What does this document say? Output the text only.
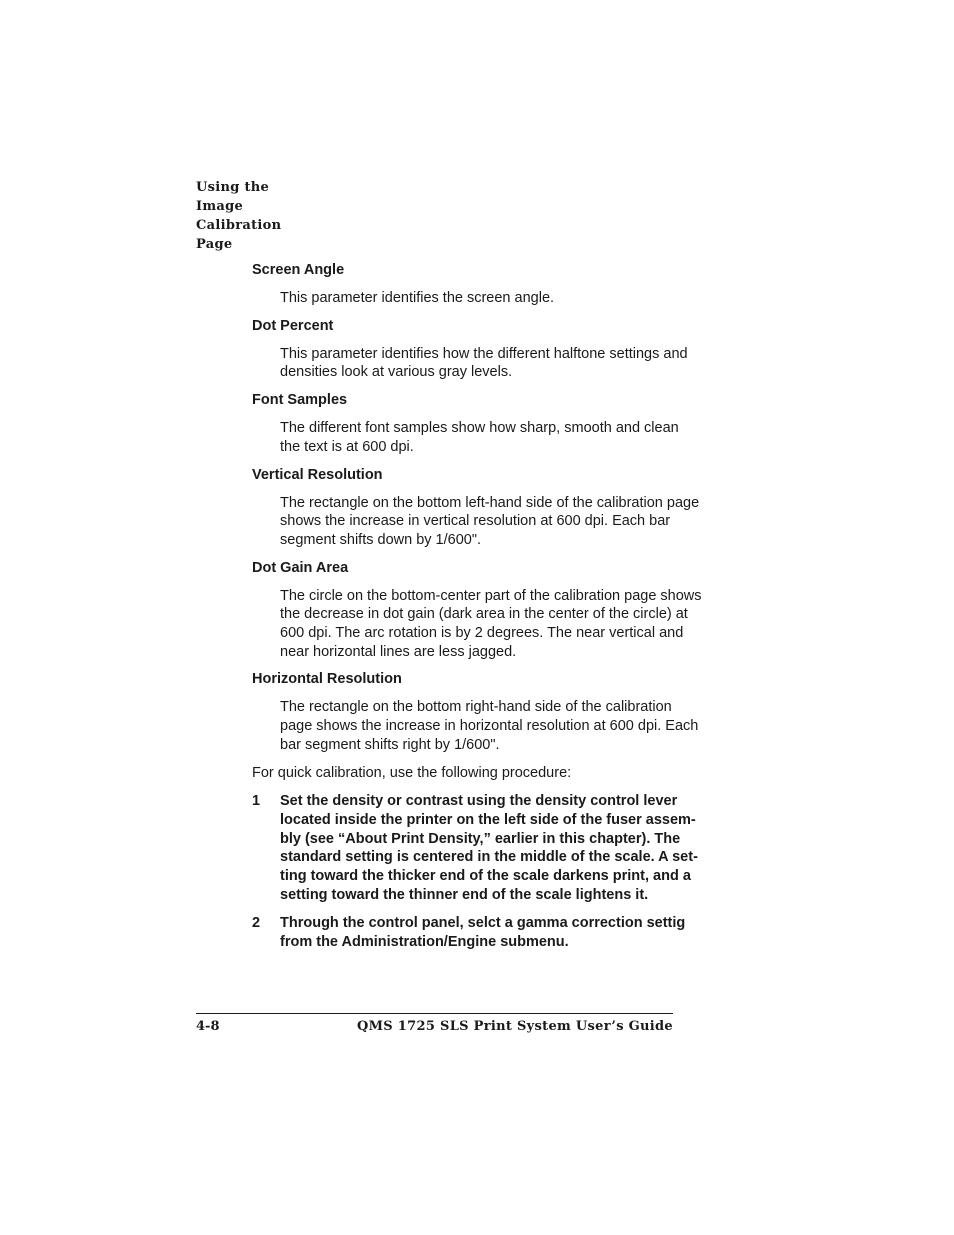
Using the
Image
Calibration
Page

Screen Angle

This parameter identifies the screen angle.

Dot Percent

This parameter identifies how the different halftone settings and
densities look at various gray levels.

Font Samples

The different font samples show how sharp, smooth and clean
the text is at 600 dpi.

Vertical Resolution

The rectangle on the bottom left-hand side of the calibration page
shows the increase in vertical resolution at 600 dpi. Each bar
segment shifts down by 1/600".

Dot Gain Area

The circle on the bottom-center part of the calibration page shows
the decrease in dot gain (dark area in the center of the circle) at
600 dpi. The arc rotation is by 2 degrees. The near vertical and
near horizontal lines are less jagged.

Horizontal Resolution

The rectangle on the bottom right-hand side of the calibration
page shows the increase in horizontal resolution at 600 dpi. Each
bar segment shifts right by 1/600".

For quick calibration, use the following procedure:

1 Set the density or contrast using the density control lever
located inside the printer on the left side of the fuser assem-
bly (see “About Print Density,” earlier in this chapter). The
standard setting is centered in the middle of the scale. A set-
ting toward the thicker end of the scale darkens print, and a
setting toward the thinner end of the scale lightens it.
2 Through the control panel, selct a gamma correction settig
from the Administration/Engine submenu.
4-8	QMS 1725 SLS Print System User’s Guide
